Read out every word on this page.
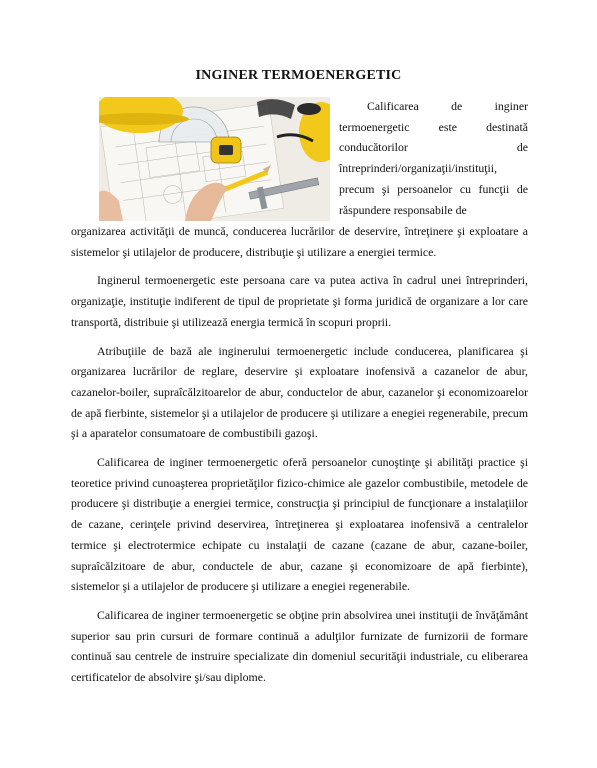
INGINER TERMOENERGETIC

Calificarea de inginer termoenergetic este destinată conducătorilor de întreprinderi/organizaţii/instituţii, precum şi persoanelor cu funcţii de răspundere responsabile de

organizarea activităţii de muncă, conducerea lucrărilor de deservire, întreţinere şi exploatare a sistemelor şi utilajelor de producere, distribuţie şi utilizare a energiei termice.

Inginerul termoenergetic este persoana care va putea activa în cadrul unei întreprinderi, organizaţie, instituţie indiferent de tipul de proprietate şi forma juridică de organizare a lor care transportă, distribuie şi utilizează energia termică în scopuri proprii.

Atribuţiile de bază ale inginerului termoenergetic include conducerea, planificarea şi organizarea lucrărilor de reglare, deservire şi exploatare inofensivă a cazanelor de abur, cazanelor-boiler, supraîcălzitoarelor de abur, conductelor de abur, cazanelor şi economizoarelor de apă fierbinte, sistemelor şi a utilajelor de producere şi utilizare a enegiei regenerabile, precum şi a aparatelor consumatoare de combustibili gazoşi.

Calificarea de inginer termoenergetic oferă persoanelor cunoştinţe şi abilităţi practice şi teoretice privind cunoaşterea proprietăţilor fizico-chimice ale gazelor combustibile, metodele de producere şi distribuţie a energiei termice, construcţia şi principiul de funcţionare a instalaţiilor de cazane, cerinţele privind deservirea, întreţinerea şi exploatarea inofensivă a centralelor termice şi electrotermice echipate cu instalaţii de cazane (cazane de abur, cazane-boiler, supraîcălzitoare de abur, conductele de abur, cazane şi economizoare de apă fierbinte), sistemelor şi a utilajelor de producere şi utilizare a enegiei regenerabile.

Calificarea de inginer termoenergetic se obţine prin absolvirea unei instituţii de învăţământ superior sau prin cursuri de formare continuă a adulţilor furnizate de furnizorii de formare continuă sau centrele de instruire specializate din domeniul securităţii industriale, cu eliberarea certificatelor de absolvire şi/sau diplome.
